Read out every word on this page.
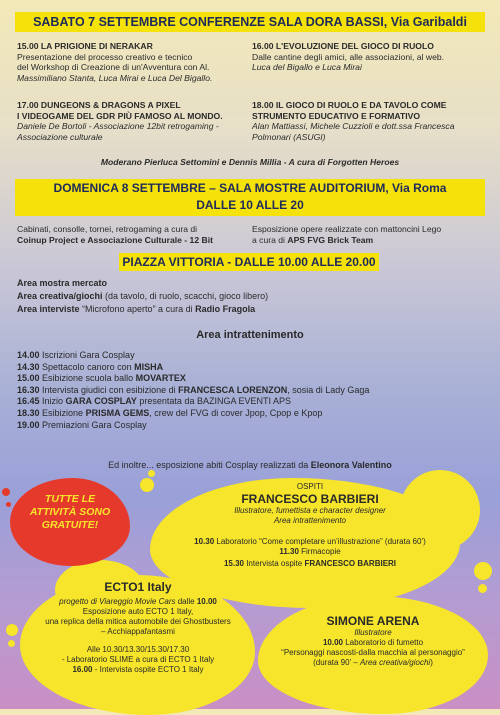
SABATO 7 SETTEMBRE CONFERENZE SALA DORA BASSI, Via Garibaldi
15.00 LA PRIGIONE DI NERAKAR
Presentazione del processo creativo e tecnico
del Workshop di Creazione di un'Avventura con Al.
Massimiliano Stanta, Luca Mirai e Luca Del Bigallo.
16.00 L'EVOLUZIONE DEL GIOCO DI RUOLO
Dalle cantine degli amici, alle associazioni, al web.
Luca del Bigallo e Luca Mirai
17.00 DUNGEONS & DRAGONS A PIXEL
I VIDEOGAME DEL GDR PIÙ FAMOSO AL MONDO.
Daniele De Bortoli - Associazione 12bit retrogaming - Associazione culturale
18.00 IL GIOCO DI RUOLO E DA TAVOLO COME
STRUMENTO EDUCATIVO E FORMATIVO
Alan Mattiassi, Michele Cuzzioli e dott.ssa Francesca Polmonari (ASUGI)
Moderano Pierluca Settomini e Dennis Millia - A cura di Forgotten Heroes
DOMENICA 8 SETTEMBRE – SALA MOSTRE AUDITORIUM, Via Roma
DALLE 10 ALLE 20
Cabinati, consolle, tornei, retrogaming a cura di
Coinup Project e Associazione Culturale - 12 Bit
Esposizione opere realizzate con mattoncini Lego
a cura di APS FVG Brick Team
PIAZZA VITTORIA - DALLE 10.00 ALLE 20.00
Area mostra mercato
Area creativa/giochi (da tavolo, di ruolo, scacchi, gioco libero)
Area interviste “Microfono aperto” a cura di Radio Fragola
Area intrattenimento
14.00 Iscrizioni Gara Cosplay
14.30 Spettacolo canoro con MISHA
15.00 Esibizione scuola ballo MOVARTEX
16.30 Intervista giudici con esibizione di FRANCESCA LORENZON, sosia di Lady Gaga
16.45 Inizio GARA COSPLAY presentata da BAZINGA EVENTI APS
18.30 Esibizione PRISMA GEMS, crew del FVG di cover Jpop, Cpop e Kpop
19.00 Premiazioni Gara Cosplay
Ed inoltre... esposizione abiti Cosplay realizzati da Eleonora Valentino
TUTTE LE
ATTIVITÀ SONO
GRATUITE!
OSPITI
FRANCESCO BARBIERI
Illustratore, fumettista e character designer
Area intrattenimento
10.30 Laboratorio “Come completare un’illustrazione” (durata 60’)
11.30 Firmacopie
15.30 Intervista ospite FRANCESCO BARBIERI
ECTO1 Italy
progetto di Viareggio Movie Cars dalle 10.00
Esposizione auto ECTO 1 Italy,
una replica della mitica automobile dei Ghostbusters
– Acchiappafantasmi
Alle 10.30/13.30/15.30/17.30
- Laboratorio SLIME a cura di ECTO 1 Italy
16.00 - Intervista ospite ECTO 1 Italy
SIMONE ARENA
Illustratore
10.00 Laboratorio di fumetto
“Personaggi nascosti-dalla macchia al personaggio”
(durata 90’ – Area creativa/giochi)
